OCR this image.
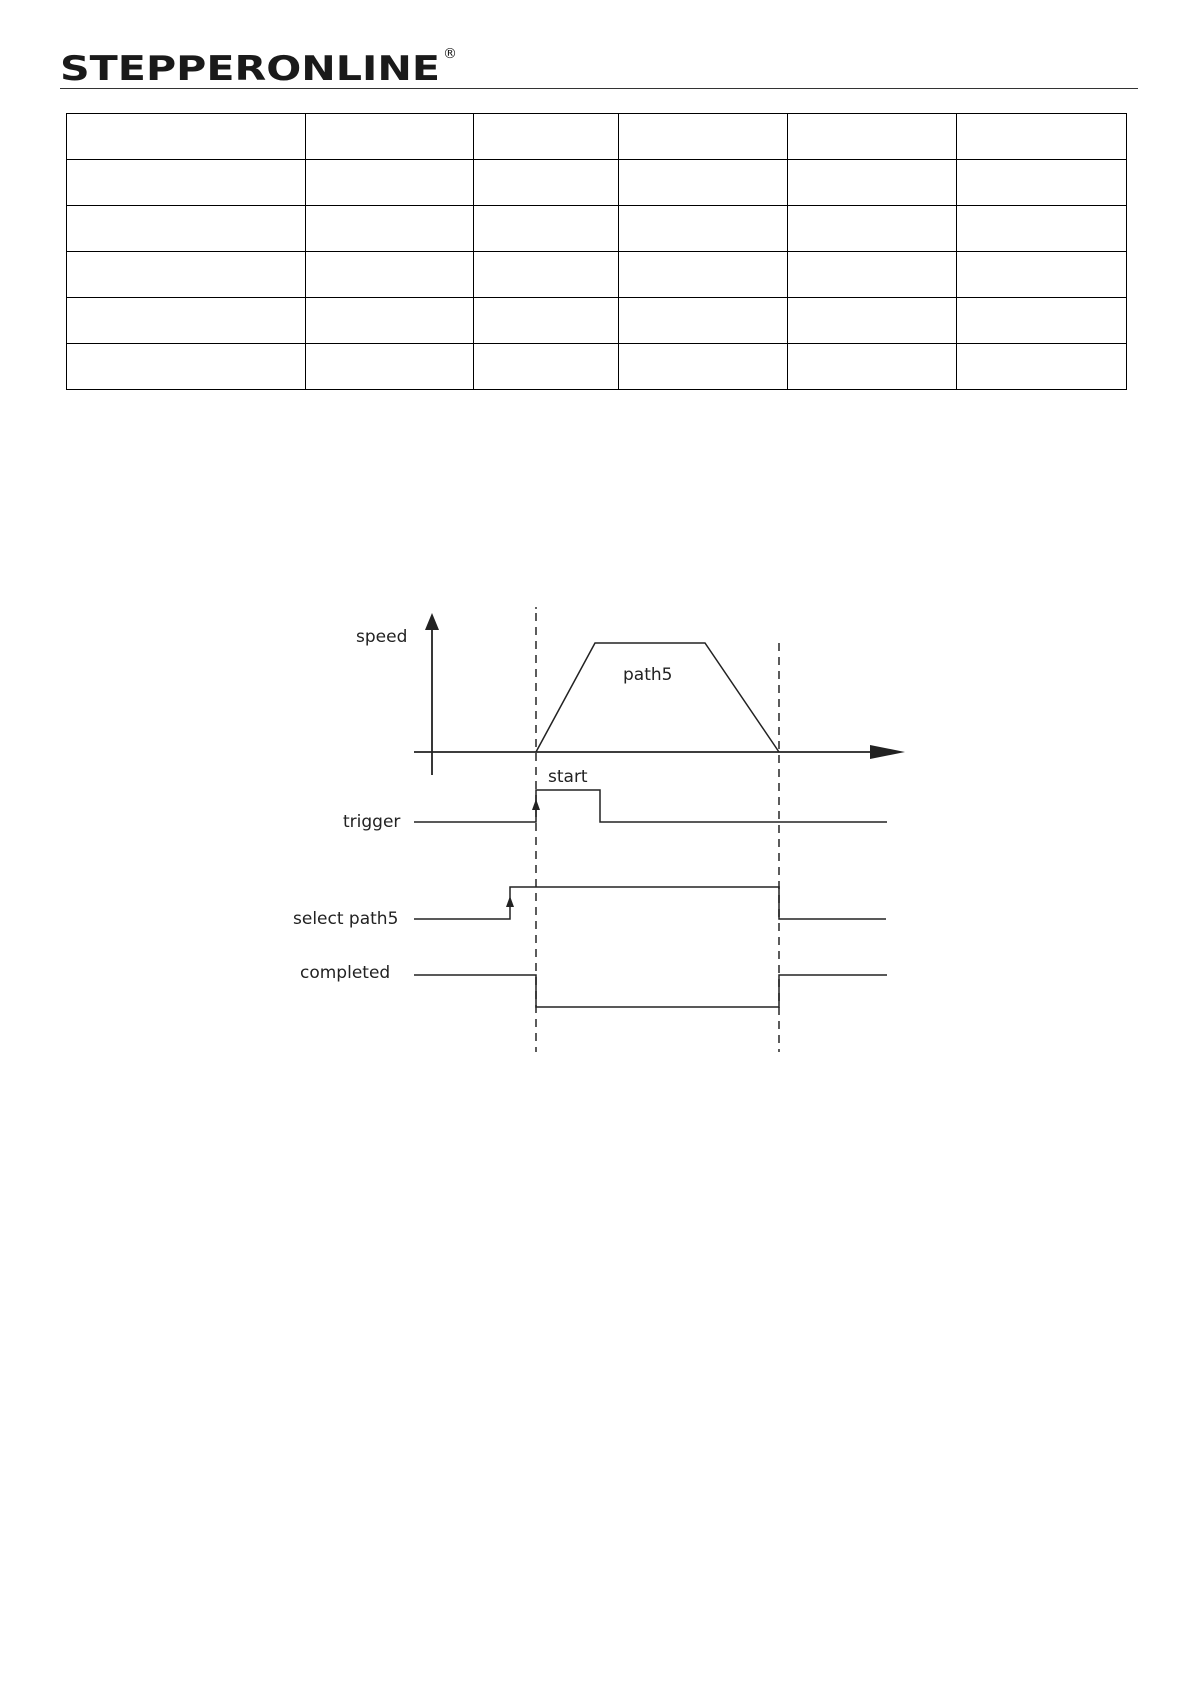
STEPPERONLINE ®

speed
path5
start
trigger
select path5
completed
